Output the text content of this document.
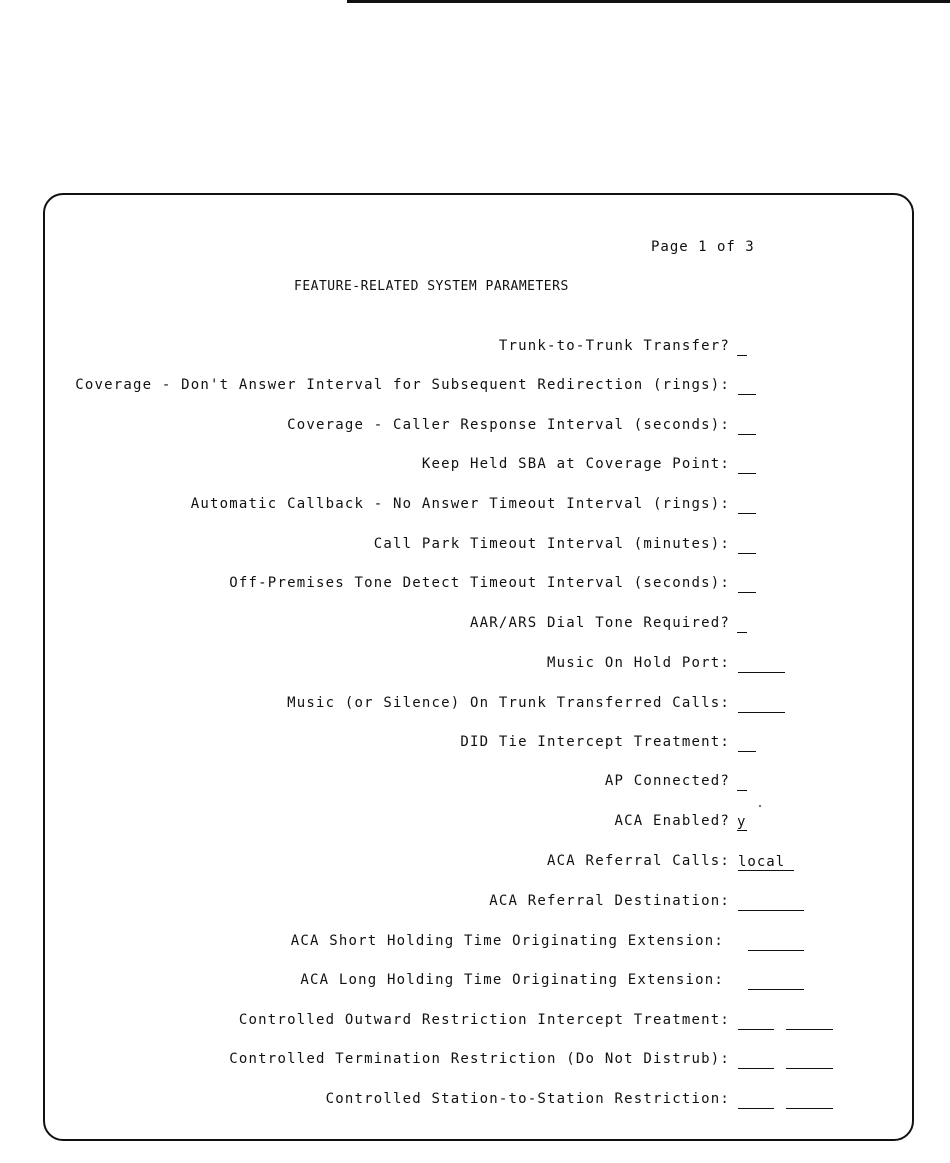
Page 1 of 3
FEATURE-RELATED SYSTEM PARAMETERS
Trunk-to-Trunk Transfer?
Coverage - Don't Answer Interval for Subsequent Redirection (rings):
Coverage - Caller Response Interval (seconds):
Keep Held SBA at Coverage Point:
Automatic Callback - No Answer Timeout Interval (rings):
Call Park Timeout Interval (minutes):
Off-Premises Tone Detect Timeout Interval (seconds):
AAR/ARS Dial Tone Required?
Music On Hold Port:
Music (or Silence) On Trunk Transferred Calls:
DID Tie Intercept Treatment:
AP Connected?
ACA Enabled? y
ACA Referral Calls: local
ACA Referral Destination:
ACA Short Holding Time Originating Extension:
ACA Long Holding Time Originating Extension:
Controlled Outward Restriction Intercept Treatment:
Controlled Termination Restriction (Do Not Distrub):
Controlled Station-to-Station Restriction:
